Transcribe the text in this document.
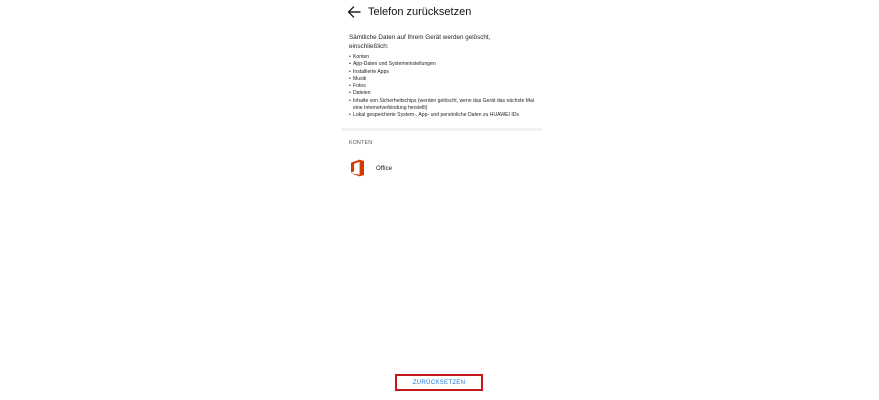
Telefon zurücksetzen
Sämtliche Daten auf Ihrem Gerät werden gelöscht, einschließlich:
• Konten
• App-Daten und Systemeinstellungen
• Installierte Apps
• Musik
• Fotos
• Dateien
• Inhalte von Sicherheitschips (werden gelöscht, wenn das Gerät das nächste Mal eine Internetverbindung herstellt)
• Lokal gespeicherte System-, App- und persönliche Daten zu HUAWEI IDs
KONTEN
Office
ZURÜCKSETZEN
